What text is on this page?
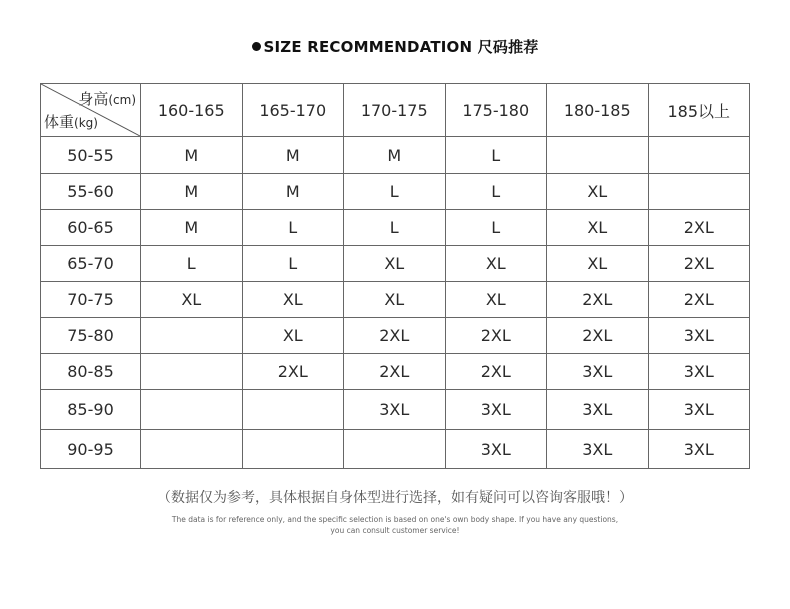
SIZE RECOMMENDATION 尺码推荐
身高(cm)
体重(kg)	160-165	165-170	170-175	175-180	180-185	185以上
50-55	M	M	M	L		
55-60	M	M	L	L	XL	
60-65	M	L	L	L	XL	2XL
65-70	L	L	XL	XL	XL	2XL
70-75	XL	XL	XL	XL	2XL	2XL
75-80		XL	2XL	2XL	2XL	3XL
80-85		2XL	2XL	2XL	3XL	3XL
85-90			3XL	3XL	3XL	3XL
90-95				3XL	3XL	3XL
（数据仅为参考，具体根据自身体型进行选择，如有疑问可以咨询客服哦！）
The data is for reference only, and the specific selection is based on one's own body shape. If you have any questions,
you can consult customer service!
